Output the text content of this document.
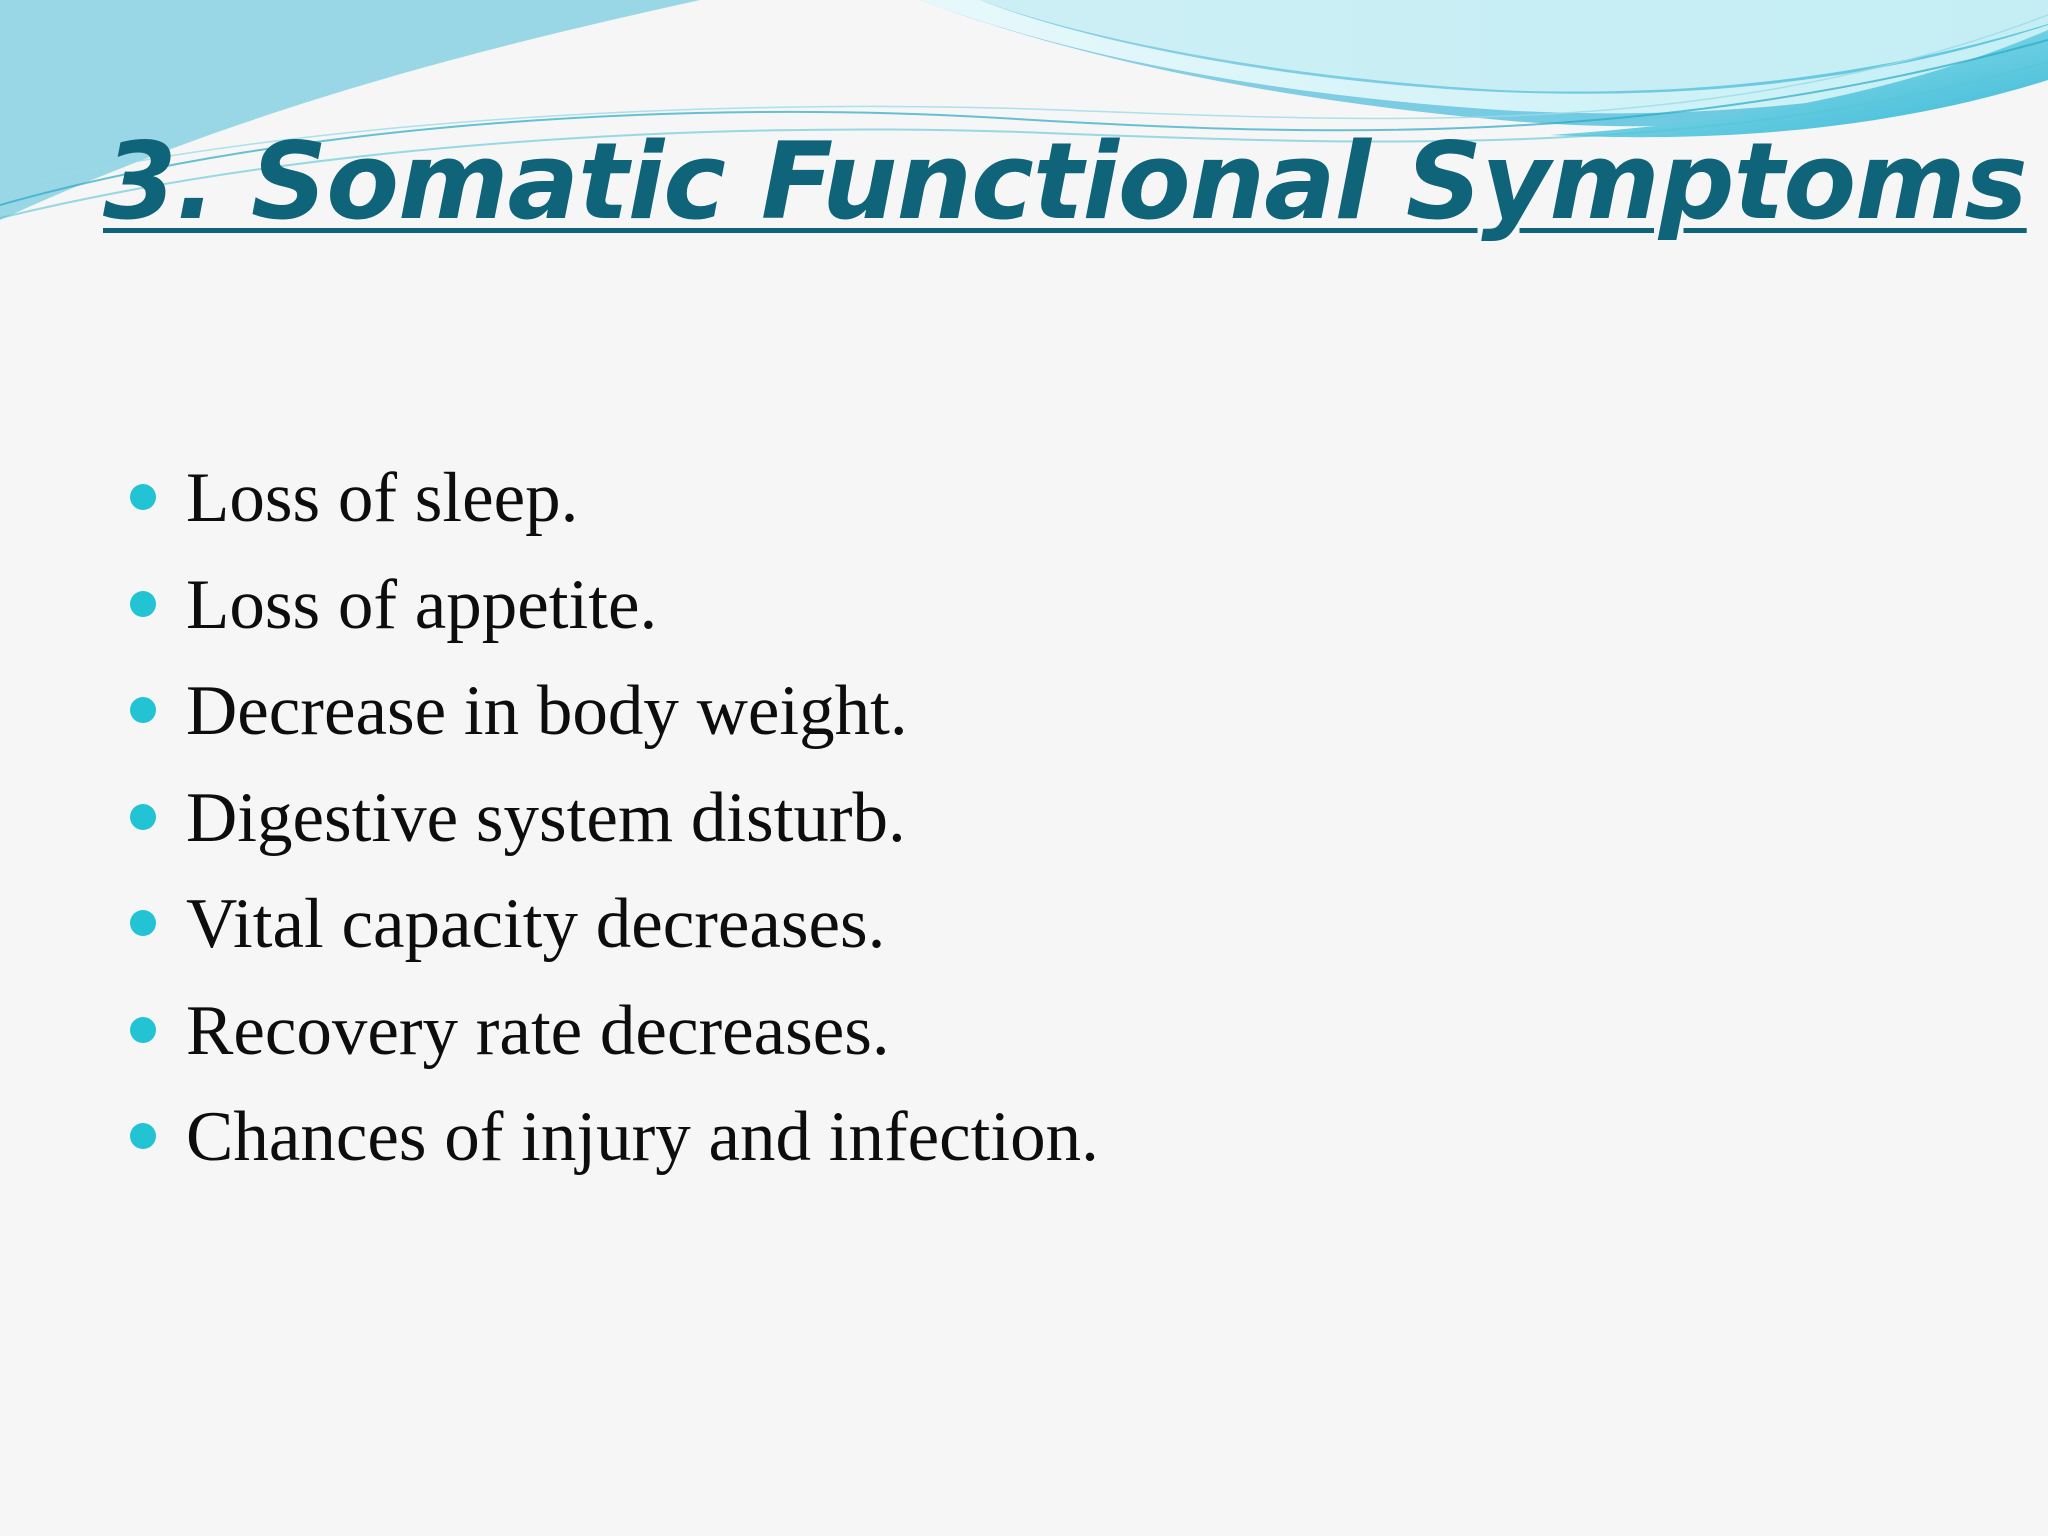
3. Somatic Functional Symptoms
Loss of sleep.
Loss of appetite.
Decrease in body weight.
Digestive system disturb.
Vital capacity decreases.
Recovery rate decreases.
Chances of injury and infection.
